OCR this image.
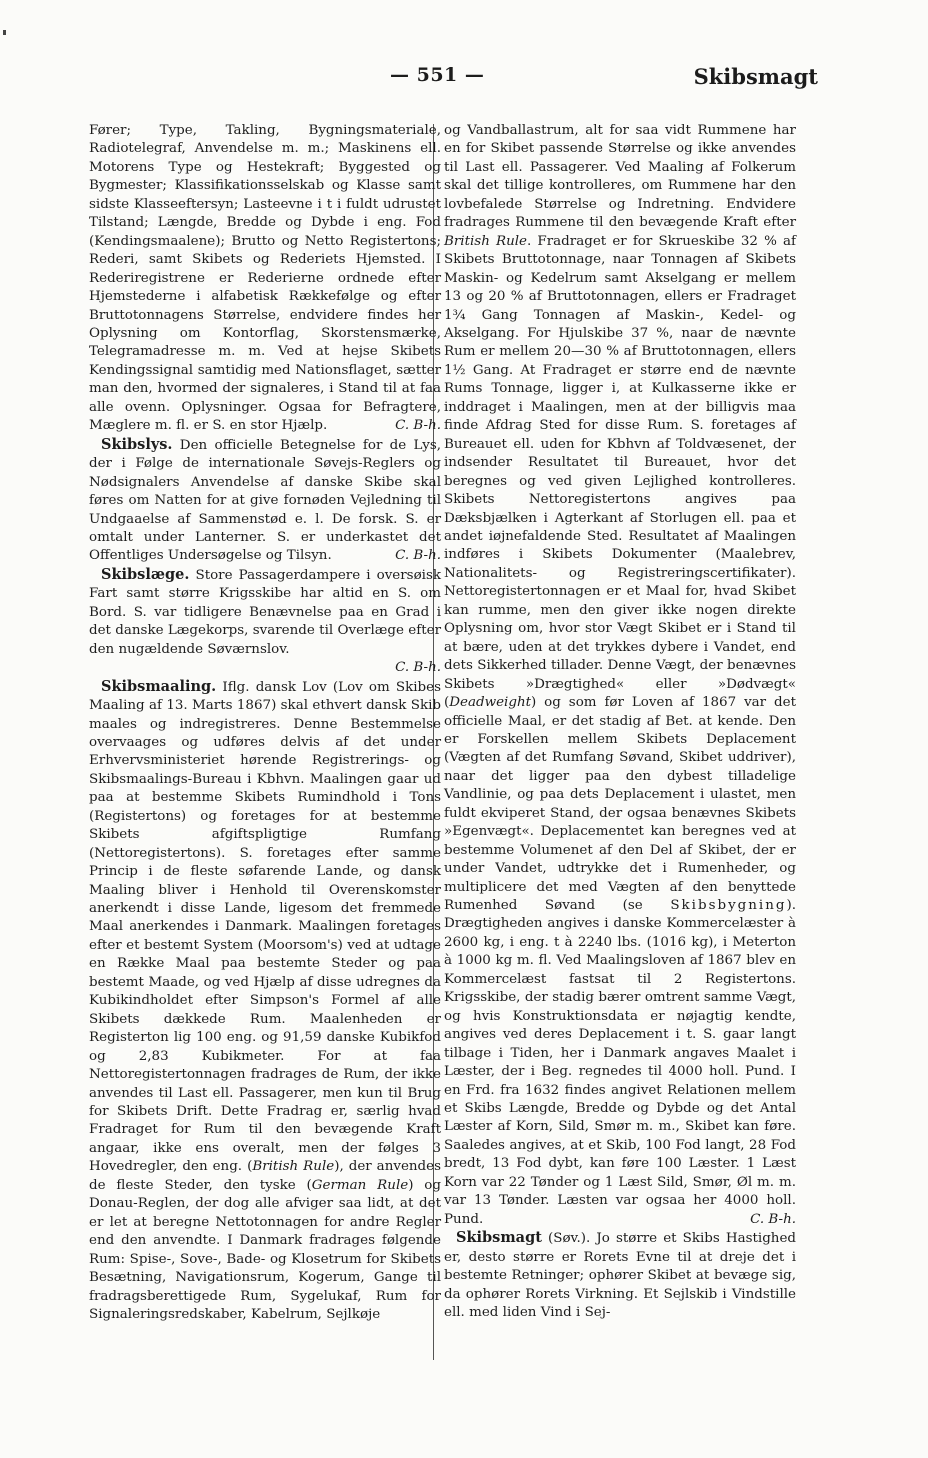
— 551 —	Skibsmagt

Fører; Type, Takling, Bygningsmateriale, Radiotelegraf, Anvendelse m. m.; Maskinens ell. Motorens Type og Hestekraft; Byggested og Bygmester; Klassifikationsselskab og Klasse samt sidste Klasseeftersyn; Lasteevne i t i fuldt udrustet Tilstand; Længde, Bredde og Dybde i eng. Fod (Kendingsmaalene); Brutto og Netto Registertons; Rederi, samt Skibets og Rederiets Hjemsted. I Rederiregistrene er Rederierne ordnede efter Hjemstederne i alfabetisk Rækkefølge og efter Bruttotonnagens Størrelse, endvidere findes her Oplysning om Kontorflag, Skorstensmærke, Telegramadresse m. m. Ved at hejse Skibets Kendingssignal samtidig med Nationsflaget, sætter man den, hvormed der signaleres, i Stand til at faa alle ovenn. Oplysninger. Ogsaa for Befragtere, Mæglere m. fl. er S. en stor Hjælp.	C. B-h.

Skibslys. Den officielle Betegnelse for de Lys, der i Følge de internationale Søvejs-Reglers og Nødsignalers Anvendelse af danske Skibe skal føres om Natten for at give fornøden Vejledning til Undgaaelse af Sammenstød e. l. De forsk. S. er omtalt under Lanterner. S. er underkastet det Offentliges Undersøgelse og Tilsyn.	C. B-h.

Skibslæge. Store Passagerdampere i oversøisk Fart samt større Krigsskibe har altid en S. om Bord. S. var tidligere Benævnelse paa en Grad i det danske Lægekorps, svarende til Overlæge efter den nugældende Søværnslov.
C. B-h.

Skibsmaaling. Iflg. dansk Lov (Lov om Skibes Maaling af 13. Marts 1867) skal ethvert dansk Skib maales og indregistreres. Denne Bestemmelse overvaages og udføres delvis af det under Erhvervsministeriet hørende Registrerings- og Skibsmaalings-Bureau i Kbhvn. Maalingen gaar ud paa at bestemme Skibets Rumindhold i Tons (Registertons) og foretages for at bestemme Skibets afgiftspligtige Rumfang (Nettoregistertons). S. foretages efter samme Princip i de fleste søfarende Lande, og dansk Maaling bliver i Henhold til Overenskomster anerkendt i disse Lande, ligesom det fremmede Maal anerkendes i Danmark. Maalingen foretages efter et bestemt System (Moorsom's) ved at udtage en Række Maal paa bestemte Steder og paa bestemt Maade, og ved Hjælp af disse udregnes da Kubikindholdet efter Simpson's Formel af alle Skibets dækkede Rum. Maalenheden er Registerton lig 100 eng. og 91,59 danske Kubikfod og 2,83 Kubikmeter. For at faa Nettoregistertonnagen fradrages de Rum, der ikke anvendes til Last ell. Passagerer, men kun til Brug for Skibets Drift. Dette Fradrag er, særlig hvad Fradraget for Rum til den bevægende Kraft angaar, ikke ens overalt, men der følges 3 Hovedregler, den eng. (British Rule), der anvendes de fleste Steder, den tyske (German Rule) og Donau-Reglen, der dog alle afviger saa lidt, at det er let at beregne Nettotonnagen for andre Regler end den anvendte. I Danmark fradrages følgende Rum: Spise-, Sove-, Bade- og Klosetrum for Skibets Besætning, Navigationsrum, Kogerum, Gange til fradragsberettigede Rum, Sygelukaf, Rum for Signaleringsredskaber, Kabelrum, Sejlkøje

og Vandballastrum, alt for saa vidt Rummene har en for Skibet passende Størrelse og ikke anvendes til Last ell. Passagerer. Ved Maaling af Folkerum skal det tillige kontrolleres, om Rummene har den lovbefalede Størrelse og Indretning. Endvidere fradrages Rummene til den bevægende Kraft efter British Rule. Fradraget er for Skrueskibe 32 % af Skibets Bruttotonnage, naar Tonnagen af Skibets Maskin- og Kedelrum samt Akselgang er mellem 13 og 20 % af Bruttotonnagen, ellers er Fradraget 1¾ Gang Tonnagen af Maskin-, Kedel- og Akselgang. For Hjulskibe 37 %, naar de nævnte Rum er mellem 20—30 % af Bruttotonnagen, ellers 1½ Gang. At Fradraget er større end de nævnte Rums Tonnage, ligger i, at Kulkasserne ikke er inddraget i Maalingen, men at der billigvis maa finde Afdrag Sted for disse Rum. S. foretages af Bureauet ell. uden for Kbhvn af Toldvæsenet, der indsender Resultatet til Bureauet, hvor det beregnes og ved given Lejlighed kontrolleres. Skibets Nettoregistertons angives paa Dæksbjælken i Agterkant af Storlugen ell. paa et andet iøjnefaldende Sted. Resultatet af Maalingen indføres i Skibets Dokumenter (Maalebrev, Nationalitets- og Registreringscertifikater). Nettoregistertonnagen er et Maal for, hvad Skibet kan rumme, men den giver ikke nogen direkte Oplysning om, hvor stor Vægt Skibet er i Stand til at bære, uden at det trykkes dybere i Vandet, end dets Sikkerhed tillader. Denne Vægt, der benævnes Skibets »Drægtighed« eller »Dødvægt« (Deadweight) og som før Loven af 1867 var det officielle Maal, er det stadig af Bet. at kende. Den er Forskellen mellem Skibets Deplacement (Vægten af det Rumfang Søvand, Skibet uddriver), naar det ligger paa den dybest tilladelige Vandlinie, og paa dets Deplacement i ulastet, men fuldt ekviperet Stand, der ogsaa benævnes Skibets »Egenvægt«. Deplacementet kan beregnes ved at bestemme Volumenet af den Del af Skibet, der er under Vandet, udtrykke det i Rumenheder, og multiplicere det med Vægten af den benyttede Rumenhed Søvand (se Skibsbygning). Drægtigheden angives i danske Kommercelæster à 2600 kg, i eng. t à 2240 lbs. (1016 kg), i Meterton à 1000 kg m. fl. Ved Maalingsloven af 1867 blev en Kommercelæst fastsat til 2 Registertons. Krigsskibe, der stadig bærer omtrent samme Vægt, og hvis Konstruktionsdata er nøjagtig kendte, angives ved deres Deplacement i t. S. gaar langt tilbage i Tiden, her i Danmark angaves Maalet i Læster, der i Beg. regnedes til 4000 holl. Pund. I en Frd. fra 1632 findes angivet Relationen mellem et Skibs Længde, Bredde og Dybde og det Antal Læster af Korn, Sild, Smør m. m., Skibet kan føre. Saaledes angives, at et Skib, 100 Fod langt, 28 Fod bredt, 13 Fod dybt, kan føre 100 Læster. 1 Læst Korn var 22 Tønder og 1 Læst Sild, Smør, Øl m. m. var 13 Tønder. Læsten var ogsaa her 4000 holl. Pund.	C. B-h.

Skibsmagt (Søv.). Jo større et Skibs Hastighed er, desto større er Rorets Evne til at dreje det i bestemte Retninger; ophører Skibet at bevæge sig, da ophører Rorets Virkning. Et Sejlskib i Vindstille ell. med liden Vind i Sej-
